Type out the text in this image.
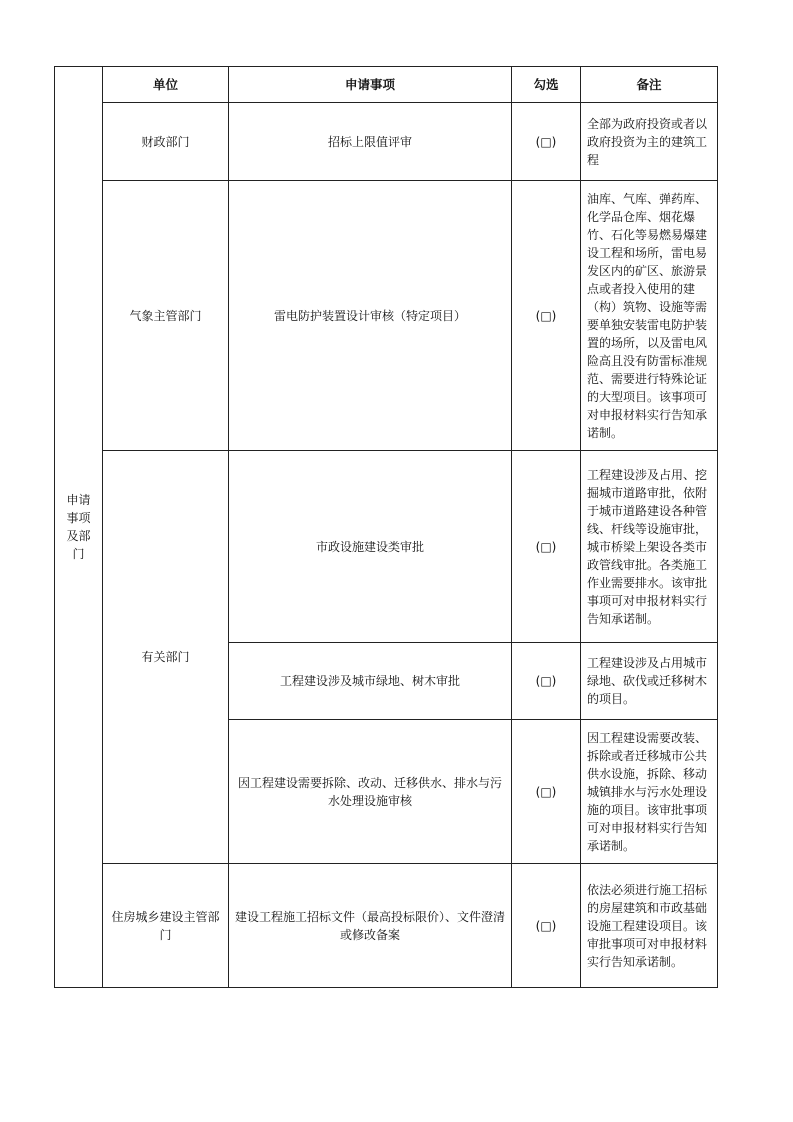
申请
事项
及部门	单位	申请事项	勾选	备注
	财政部门	招标上限值评审	(□)	全部为政府投资或者以政府投资为主的建筑工程
	气象主管部门	雷电防护装置设计审核（特定项目）	(□)	油库、气库、弹药库、化学品仓库、烟花爆竹、石化等易燃易爆建设工程和场所，雷电易发区内的矿区、旅游景点或者投入使用的建（构）筑物、设施等需要单独安装雷电防护装置的场所，以及雷电风险高且没有防雷标准规范、需要进行特殊论证的大型项目。该事项可对申报材料实行告知承诺制。
	有关部门	市政设施建设类审批	(□)	工程建设涉及占用、挖掘城市道路审批，依附于城市道路建设各种管线、杆线等设施审批，城市桥梁上架设各类市政管线审批。各类施工作业需要排水。该审批事项可对申报材料实行告知承诺制。
		工程建设涉及城市绿地、树木审批	(□)	工程建设涉及占用城市绿地、砍伐或迁移树木的项目。
		因工程建设需要拆除、改动、迁移供水、排水与污水处理设施审核	(□)	因工程建设需要改装、拆除或者迁移城市公共供水设施，拆除、移动城镇排水与污水处理设施的项目。该审批事项可对申报材料实行告知承诺制。
	住房城乡建设主管部门	建设工程施工招标文件（最高投标限价）、文件澄清或修改备案	(□)	依法必须进行施工招标的房屋建筑和市政基础设施工程建设项目。该审批事项可对申报材料实行告知承诺制。
